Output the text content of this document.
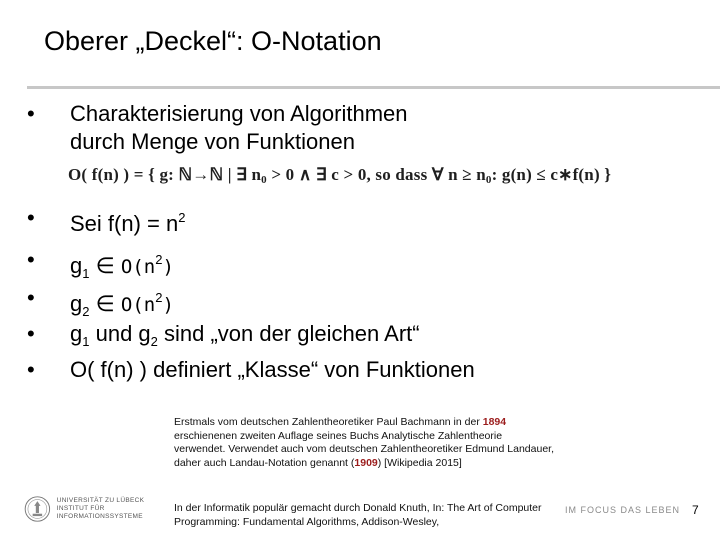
Oberer „Deckel“: O-Notation
•	Charakterisierung von Algorithmen
durch Menge von Funktionen
O( f(n) ) = { g: ℕ→ℕ | ∃ $n_0 > 0$ ∧ ∃ c > 0, so dass ∀ $n \ge n_0$: g(n) ≤ c∗f(n) }
•	Sei $f(n) = n^2$
•	$g_1$ ∈ $O(n^2)$
•	$g_2$ ∈ $O(n^2)$
•	$g_1$ und $g_2$ sind „von der gleichen Art“
•	O( f(n) ) definiert „Klasse“ von Funktionen
Erstmals vom deutschen Zahlentheoretiker Paul Bachmann in der 1894 erschienenen zweiten Auflage seines Buchs Analytische Zahlentheorie verwendet. Verwendet auch vom deutschen Zahlentheoretiker Edmund Landauer, daher auch Landau-Notation genannt (1909) [Wikipedia 2015]
In der Informatik populär gemacht durch Donald Knuth, In: The Art of Computer Programming: Fundamental Algorithms, Addison-Wesley,
UNIVERSITÄT ZU LÜBECK
INSTITUT FÜR INFORMATIONSSYSTEME
IM FOCUS DAS LEBEN 7
